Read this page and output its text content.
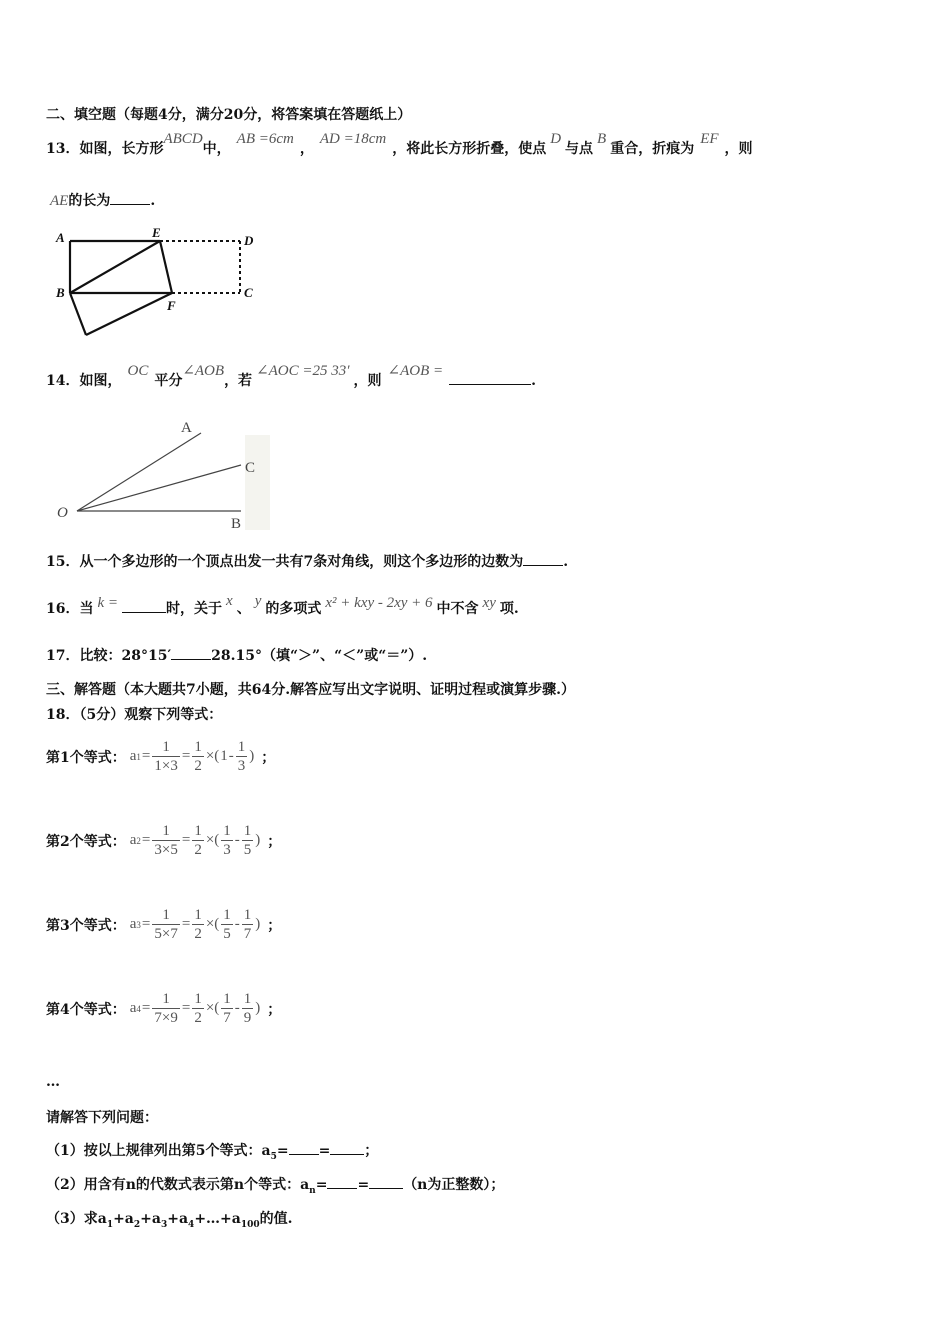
二、填空题（每题4分，满分20分，将答案填在答题纸上）
13．如图，长方形ABCD中，AB =6cm，AD =18cm，将此长方形折叠，使点D与点B重合，折痕为EF，则
AE的长为	.
A	E
D
B
F
C
14．如图，OC平分∠AOB，若∠AOC =25 33′，则∠AOB =.
A
C
O
B
15．从一个多边形的一个顶点出发一共有7条对角线，则这个多边形的边数为	.
16．当 k =	时，关于 x 、 y 的多项式 x² + kxy - 2xy + 6 中不含 xy 项.
17．比较：28°15′	28.15°（填“＞”、“＜”或“＝”）.
三、解答题（本大题共7小题，共64分.解答应写出文字说明、证明过程或演算步骤.）
18．（5分）观察下列等式：
第1个等式： a $1 = \frac{1}{1\times 3} = \frac{1}{2}$ ×( $1 - \frac{1}{3}$ ) ；
第2个等式： a $2 = \frac{1}{3\times 5} = \frac{1}{2}$ ×( $\frac{1}{3} - \frac{1}{5}$ ) ；
第3个等式： a $3 = \frac{1}{5\times 7} = \frac{1}{2}$ ×( $\frac{1}{5} - \frac{1}{7}$ ) ；
第4个等式： a $4 = \frac{1}{7\times 9} = \frac{1}{2}$ ×( $\frac{1}{7} - \frac{1}{9}$ ) ；
…
请解答下列问题：
（1）按以上规律列出第5个等式：$a_5=$ = ；
（2）用含有n的代数式表示第n个等式：$a_n= = (n$为正整数）；
（3）求$a_1+a_2+a_3+a_4+\dots+a_{100}$的值.
